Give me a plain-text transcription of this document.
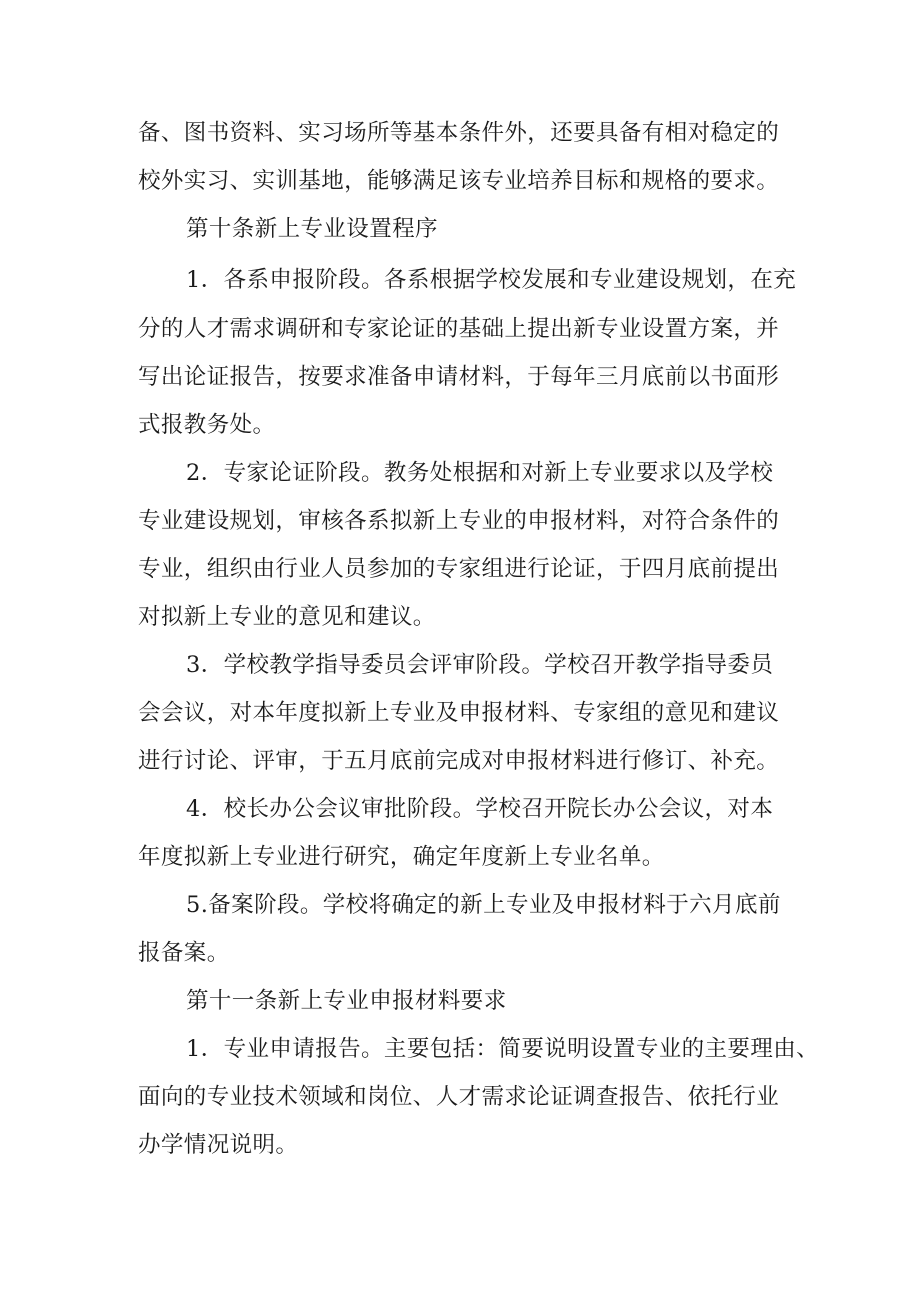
备、图书资料、实习场所等基本条件外，还要具备有相对稳定的
校外实习、实训基地，能够满足该专业培养目标和规格的要求。
第十条新上专业设置程序
1．各系申报阶段。各系根据学校发展和专业建设规划，在充
分的人才需求调研和专家论证的基础上提出新专业设置方案，并
写出论证报告，按要求准备申请材料，于每年三月底前以书面形
式报教务处。
2．专家论证阶段。教务处根据和对新上专业要求以及学校
专业建设规划，审核各系拟新上专业的申报材料，对符合条件的
专业，组织由行业人员参加的专家组进行论证，于四月底前提出
对拟新上专业的意见和建议。
3．学校教学指导委员会评审阶段。学校召开教学指导委员
会会议，对本年度拟新上专业及申报材料、专家组的意见和建议
进行讨论、评审，于五月底前完成对申报材料进行修订、补充。
4．校长办公会议审批阶段。学校召开院长办公会议，对本
年度拟新上专业进行研究，确定年度新上专业名单。
5.备案阶段。学校将确定的新上专业及申报材料于六月底前
报备案。
第十一条新上专业申报材料要求
1．专业申请报告。主要包括：简要说明设置专业的主要理由、
面向的专业技术领域和岗位、人才需求论证调查报告、依托行业
办学情况说明。
